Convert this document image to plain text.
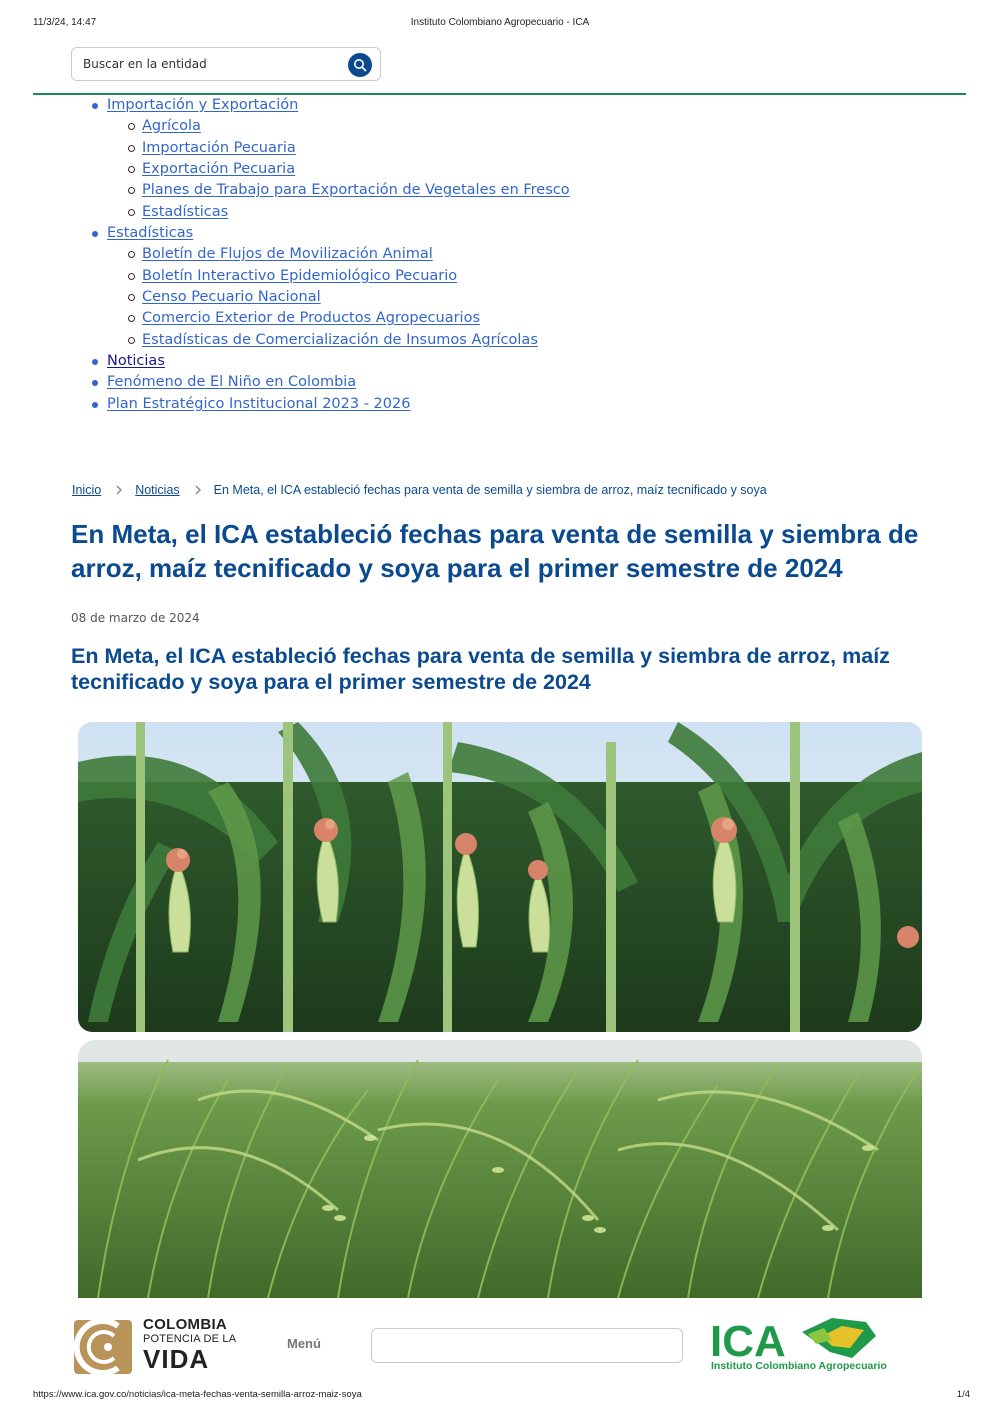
11/3/24, 14:47	Instituto Colombiano Agropecuario - ICA
Buscar en la entidad
Importación y Exportación
Agrícola
Importación Pecuaria
Exportación Pecuaria
Planes de Trabajo para Exportación de Vegetales en Fresco
Estadísticas
Estadísticas
Boletín de Flujos de Movilización Animal
Boletín Interactivo Epidemiológico Pecuario
Censo Pecuario Nacional
Comercio Exterior de Productos Agropecuarios
Estadísticas de Comercialización de Insumos Agrícolas
Noticias
Fenómeno de El Niño en Colombia
Plan Estratégico Institucional 2023 - 2026
Inicio	Noticias	En Meta, el ICA estableció fechas para venta de semilla y siembra de arroz, maíz tecnificado y soya
En Meta, el ICA estableció fechas para venta de semilla y siembra de arroz, maíz tecnificado y soya para el primer semestre de 2024
08 de marzo de 2024
En Meta, el ICA estableció fechas para venta de semilla y siembra de arroz, maíz tecnificado y soya para el primer semestre de 2024
COLOMBIA
POTENCIA DE LA
VIDA
Menú	ICA
Instituto Colombiano Agropecuario
https://www.ica.gov.co/noticias/ica-meta-fechas-venta-semilla-arroz-maiz-soya	1/4
